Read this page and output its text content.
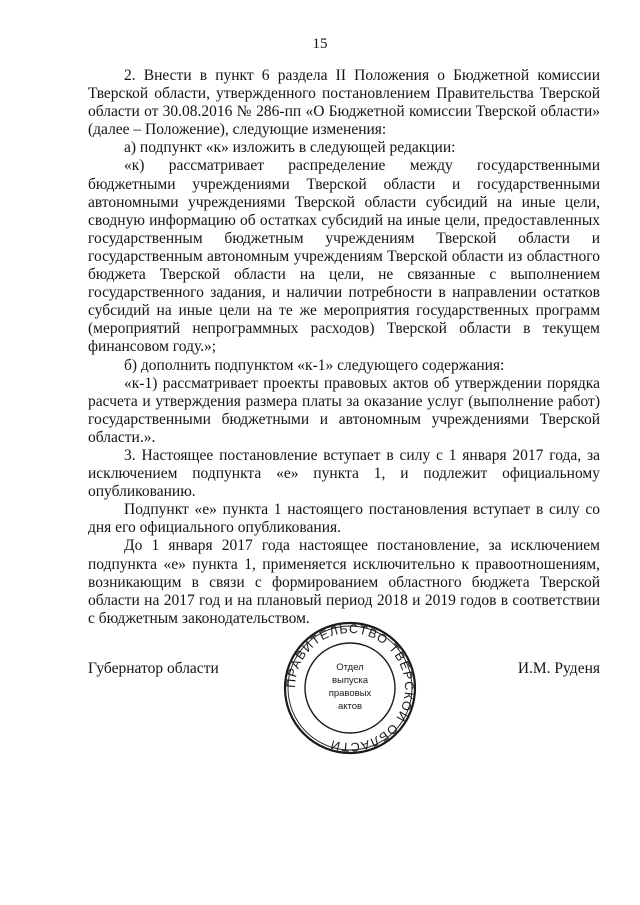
15

2. Внести в пункт 6 раздела II Положения о Бюджетной комиссии Тверской области, утвержденного постановлением Правительства Тверской области от 30.08.2016 № 286-пп «О Бюджетной комиссии Тверской области» (далее – Положение), следующие изменения:

а) подпункт «к» изложить в следующей редакции:

«к) рассматривает распределение между государственными бюджетными учреждениями Тверской области и государственными автономными учреждениями Тверской области субсидий на иные цели, сводную информацию об остатках субсидий на иные цели, предоставленных государственным бюджетным учреждениям Тверской области и государственным автономным учреждениям Тверской области из областного бюджета Тверской области на цели, не связанные с выполнением государственного задания, и наличии потребности в направлении остатков субсидий на иные цели на те же мероприятия государственных программ (мероприятий непрограммных расходов) Тверской области в текущем финансовом году.»;

б) дополнить подпунктом «к-1» следующего содержания:

«к-1) рассматривает проекты правовых актов об утверждении порядка расчета и утверждения размера платы за оказание услуг (выполнение работ) государственными бюджетными и автономным учреждениями Тверской области.».

3. Настоящее постановление вступает в силу с 1 января 2017 года, за исключением подпункта «е» пункта 1, и подлежит официальному опубликованию.

Подпункт «е» пункта 1 настоящего постановления вступает в силу со дня его официального опубликования.

До 1 января 2017 года настоящее постановление, за исключением подпункта «е» пункта 1, применяется исключительно к правоотношениям, возникающим в связи с формированием областного бюджета Тверской области на 2017 год и на плановый период 2018 и 2019 годов в соответствии с бюджетным законодательством.

Губернатор области	И.М. Руденя
ПРАВИТЕЛЬСТВО ТВЕРСКОЙ ОБЛАСТИ
Отдел
выпуска
правовых
актов
